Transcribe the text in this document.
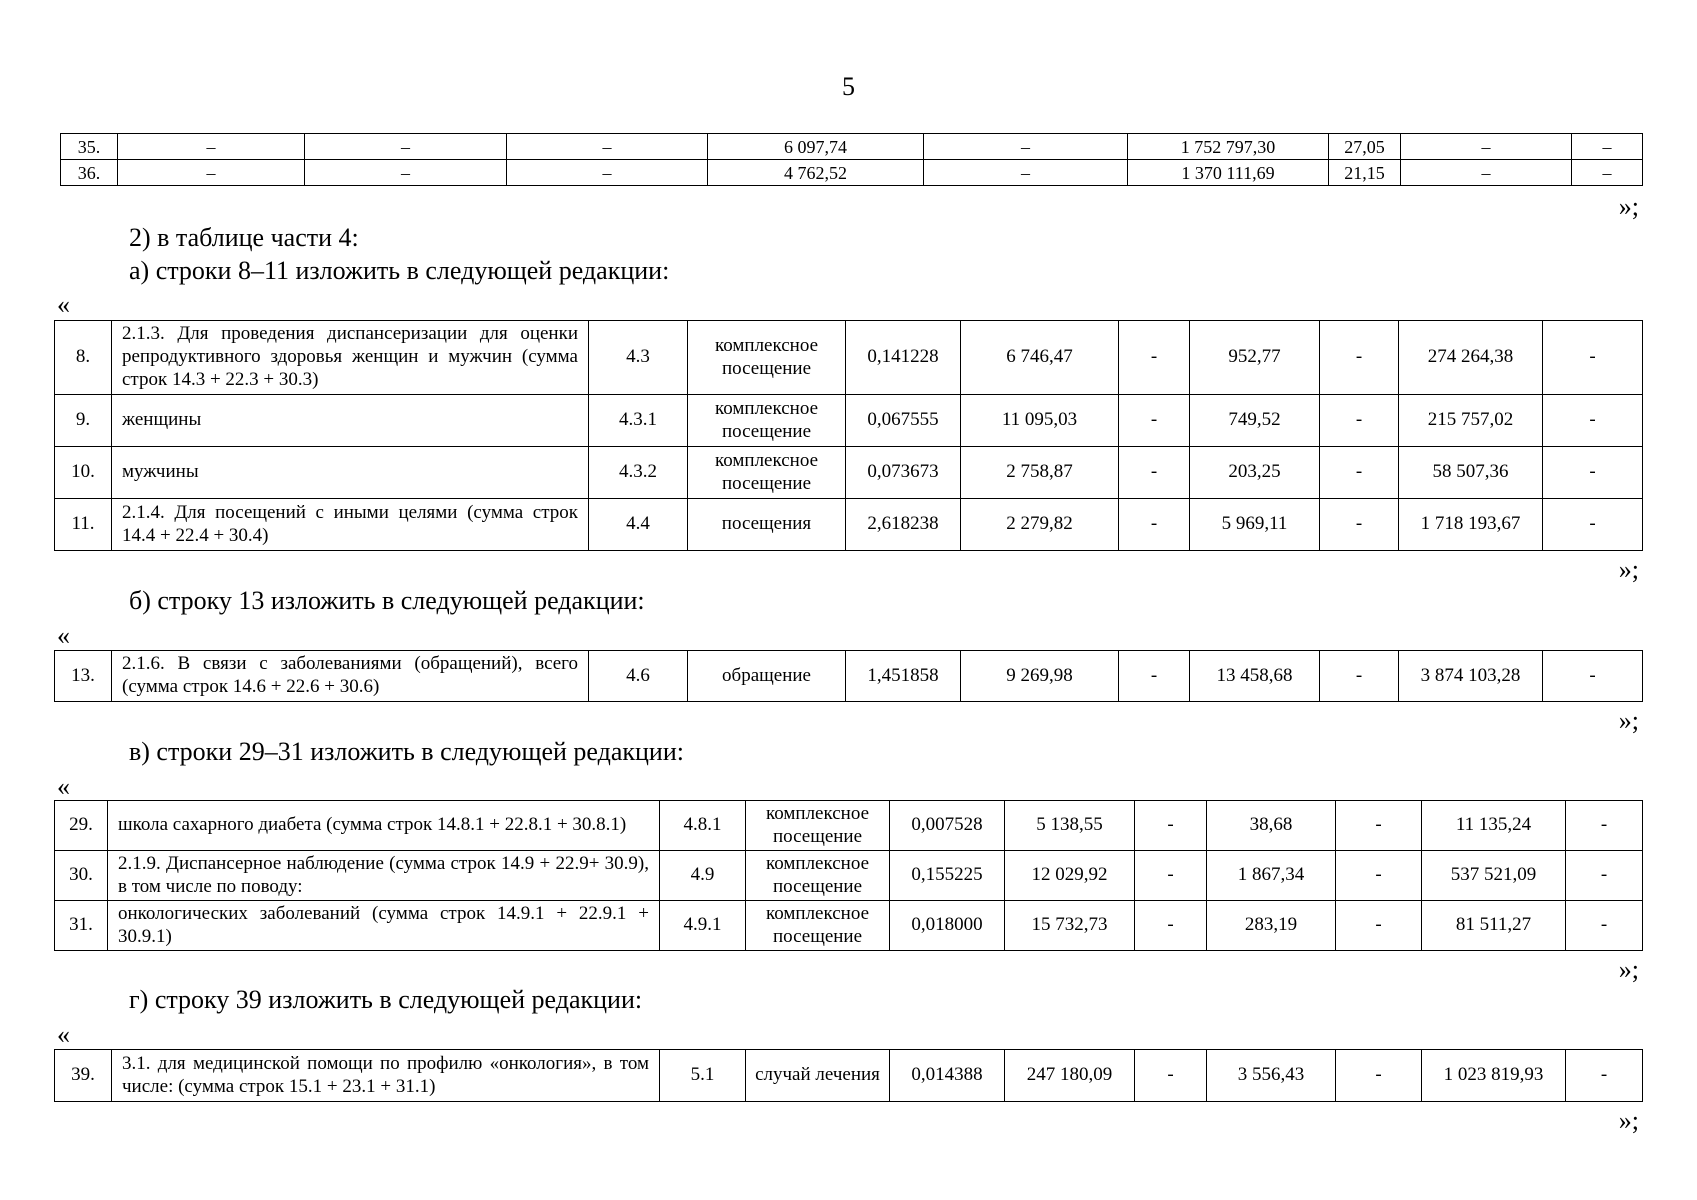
5
35.	–	–	–	6 097,74	–	1 752 797,30	27,05	–	–
36.	–	–	–	4 762,52	–	1 370 111,69	21,15	–	–
»;
2) в таблице части 4:
а) строки 8–11 изложить в следующей редакции:
«
8.	2.1.3. Для проведения диспансеризации для оценки репродуктивного здоровья женщин и мужчин (сумма строк 14.3 + 22.3 + 30.3)	4.3	комплексное посещение	0,141228	6 746,47	-	952,77	-	274 264,38	-
9.	женщины	4.3.1	комплексное посещение	0,067555	11 095,03	-	749,52	-	215 757,02	-
10.	мужчины	4.3.2	комплексное посещение	0,073673	2 758,87	-	203,25	-	58 507,36	-
11.	2.1.4. Для посещений с иными целями (сумма строк 14.4 + 22.4 + 30.4)	4.4	посещения	2,618238	2 279,82	-	5 969,11	-	1 718 193,67	-
»;
б) строку 13 изложить в следующей редакции:
«
13.	2.1.6. В связи с заболеваниями (обращений), всего (сумма строк 14.6 + 22.6 + 30.6)	4.6	обращение	1,451858	9 269,98	-	13 458,68	-	3 874 103,28	-
»;
в) строки 29–31 изложить в следующей редакции:
«
29.	школа сахарного диабета (сумма строк 14.8.1 + 22.8.1 + 30.8.1)	4.8.1	комплексное посещение	0,007528	5 138,55	-	38,68	-	11 135,24	-
30.	2.1.9. Диспансерное наблюдение (сумма строк 14.9 + 22.9+ 30.9), в том числе по поводу:	4.9	комплексное посещение	0,155225	12 029,92	-	1 867,34	-	537 521,09	-
31.	онкологических заболеваний (сумма строк 14.9.1 + 22.9.1 + 30.9.1)	4.9.1	комплексное посещение	0,018000	15 732,73	-	283,19	-	81 511,27	-
»;
г) строку 39 изложить в следующей редакции:
«
39.	3.1. для медицинской помощи по профилю «онкология», в том числе: (сумма строк 15.1 + 23.1 + 31.1)	5.1	случай лечения	0,014388	247 180,09	-	3 556,43	-	1 023 819,93	-
»;
